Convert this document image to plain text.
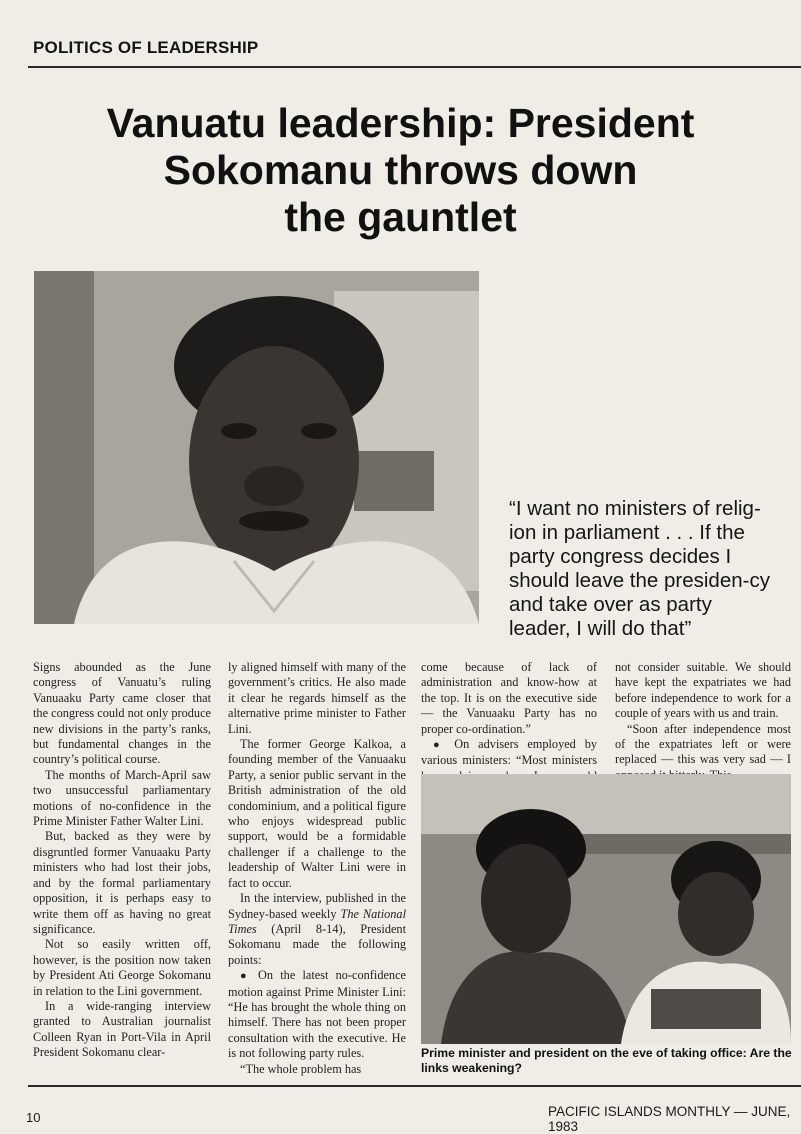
POLITICS OF LEADERSHIP
Vanuatu leadership: President
Sokomanu throws down
the gauntlet
“I want no ministers of relig-ion in parliament . . . If the party congress decides I should leave the presiden-cy and take over as party leader, I will do that”

Signs abounded as the June congress of Vanuatu’s ruling Vanuaaku Party came closer that the congress could not only produce new divisions in the party’s ranks, but fundamental changes in the country’s political course.

The months of March-April saw two unsuccessful parliamentary motions of no-confidence in the Prime Minister Father Walter Lini.

But, backed as they were by disgruntled former Vanuaaku Party ministers who had lost their jobs, and by the formal parliamentary opposition, it is perhaps easy to write them off as having no great significance.

Not so easily written off, however, is the position now taken by President Ati George Sokomanu in relation to the Lini government.

In a wide-ranging interview granted to Australian journalist Colleen Ryan in Port-Vila in April President Sokomanu clear-

ly aligned himself with many of the government’s critics. He also made it clear he regards himself as the alternative prime minister to Father Lini.

The former George Kalkoa, a founding member of the Vanuaaku Party, a senior public servant in the British administration of the old condominium, and a political figure who enjoys widespread public support, would be a formidable challenger if a challenge to the leadership of Walter Lini were in fact to occur.

In the interview, published in the Sydney-based weekly The National Times (April 8-14), President Sokomanu made the following points:

● On the latest no-confidence motion against Prime Minister Lini: “He has brought the whole thing on himself. There has not been proper consultation with the executive. He is not following party rules.

“The whole problem has

come because of lack of administration and know-how at the top. It is on the executive side — the Vanuaaku Party has no proper co-ordination.”

● On advisers employed by various ministers: “Most ministers

not consider suitable. We should have kept the expatriates we had before independence to work for a couple of years with us and train.

“Soon after independence most of the expatriates left or were replaced — this was very sad — I

Prime minister and president on the eve of taking office: Are the links weakening?
10	PACIFIC ISLANDS MONTHLY — JUNE, 1983
